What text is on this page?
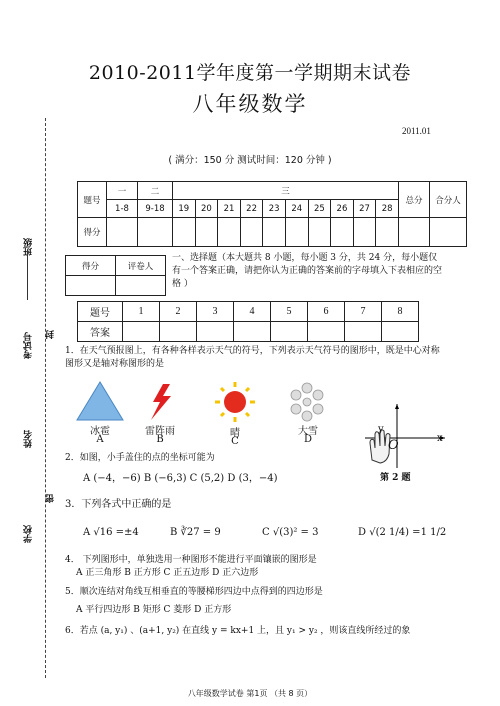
班级
考试号	封
姓名
密
学校
2010-2011学年度第一学期期末试卷
八年级数学
2011.01
( 满分：150 分 测试时间：120 分钟 )
题号	一	二	三										总分	合分人
	1-8	9-18	19	20	21	22	23	24	25	26	27	28		
得分														
得分	评卷人

一、选择题（本大题共 8 小题，每小题 3 分，共 24 分，每小题仅有一个答案正确，请把你认为正确的答案前的字母填入下表相应的空格 ）
题号	1	2	3	4	5	6	7	8
答案								
1．在天气预报图上，有各种各样表示天气的符号，下列表示天气符号的图形中，既是中心对称图形又是轴对称图形的是
冰雹	雷阵雨	晴	大雪
A	B	C	D
y
x
O
第 2 题
2．如图，小手盖住的点的坐标可能为
A (−4，−6) B (−6,3) C (5,2) D (3，−4)
3．下列各式中正确的是
A √16 =±4	B ∛27 = 9	C √(3)² = 3	D √(2 1/4) =1 1/2
4． 下列图形中，单独选用一种图形不能进行平面镶嵌的图形是
A 正三角形 B 正方形 C 正五边形 D 正六边形
5．顺次连结对角线互相垂直的等腰梯形四边中点得到的四边形是
A 平行四边形 B 矩形 C 菱形 D 正方形
6．若点 (a, y₁) 、(a+1, y₂) 在直线 y = kx+1 上，且 y₁ > y₂ ，则该直线所经过的象
八年级数学试卷 第1页 （共 8 页）
